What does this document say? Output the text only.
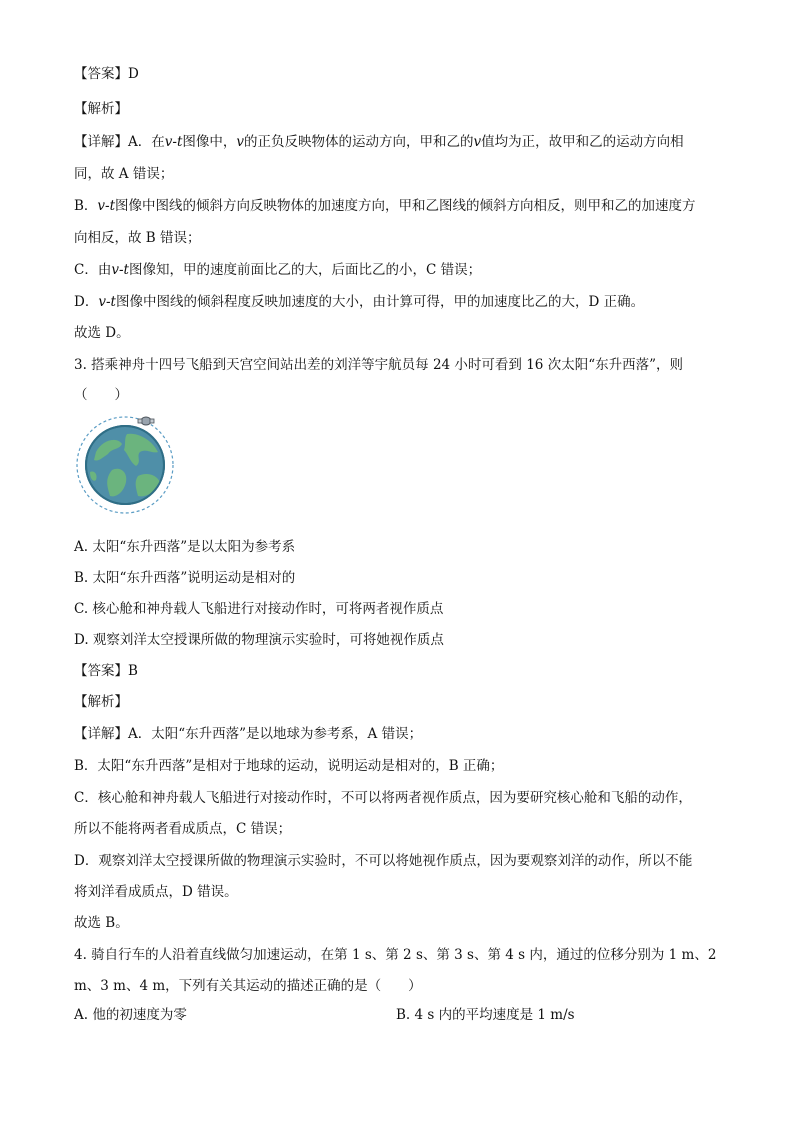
【答案】D
【解析】
【详解】A．在v-t图像中，v的正负反映物体的运动方向，甲和乙的v值均为正，故甲和乙的运动方向相
同，故 A 错误；
B．v-t图像中图线的倾斜方向反映物体的加速度方向，甲和乙图线的倾斜方向相反，则甲和乙的加速度方
向相反，故 B 错误；
C．由v-t图像知，甲的速度前面比乙的大，后面比乙的小，C 错误；
D．v-t图像中图线的倾斜程度反映加速度的大小，由计算可得，甲的加速度比乙的大，D 正确。
故选 D。
3. 搭乘神舟十四号飞船到天宫空间站出差的刘洋等宇航员每 24 小时可看到 16 次太阳“东升西落”，则
（　　）
A. 太阳“东升西落”是以太阳为参考系
B. 太阳“东升西落”说明运动是相对的
C. 核心舱和神舟载人飞船进行对接动作时，可将两者视作质点
D. 观察刘洋太空授课所做的物理演示实验时，可将她视作质点
【答案】B
【解析】
【详解】A．太阳“东升西落”是以地球为参考系，A 错误；
B．太阳“东升西落”是相对于地球的运动，说明运动是相对的，B 正确；
C．核心舱和神舟载人飞船进行对接动作时，不可以将两者视作质点，因为要研究核心舱和飞船的动作，
所以不能将两者看成质点，C 错误；
D．观察刘洋太空授课所做的物理演示实验时，不可以将她视作质点，因为要观察刘洋的动作，所以不能
将刘洋看成质点，D 错误。
故选 B。
4. 骑自行车的人沿着直线做匀加速运动，在第 1 s、第 2 s、第 3 s、第 4 s 内，通过的位移分别为 1 m、2
m、3 m、4 m，下列有关其运动的描述正确的是（　　）
A. 他的初速度为零	B. 4 s 内的平均速度是 1 m/s
